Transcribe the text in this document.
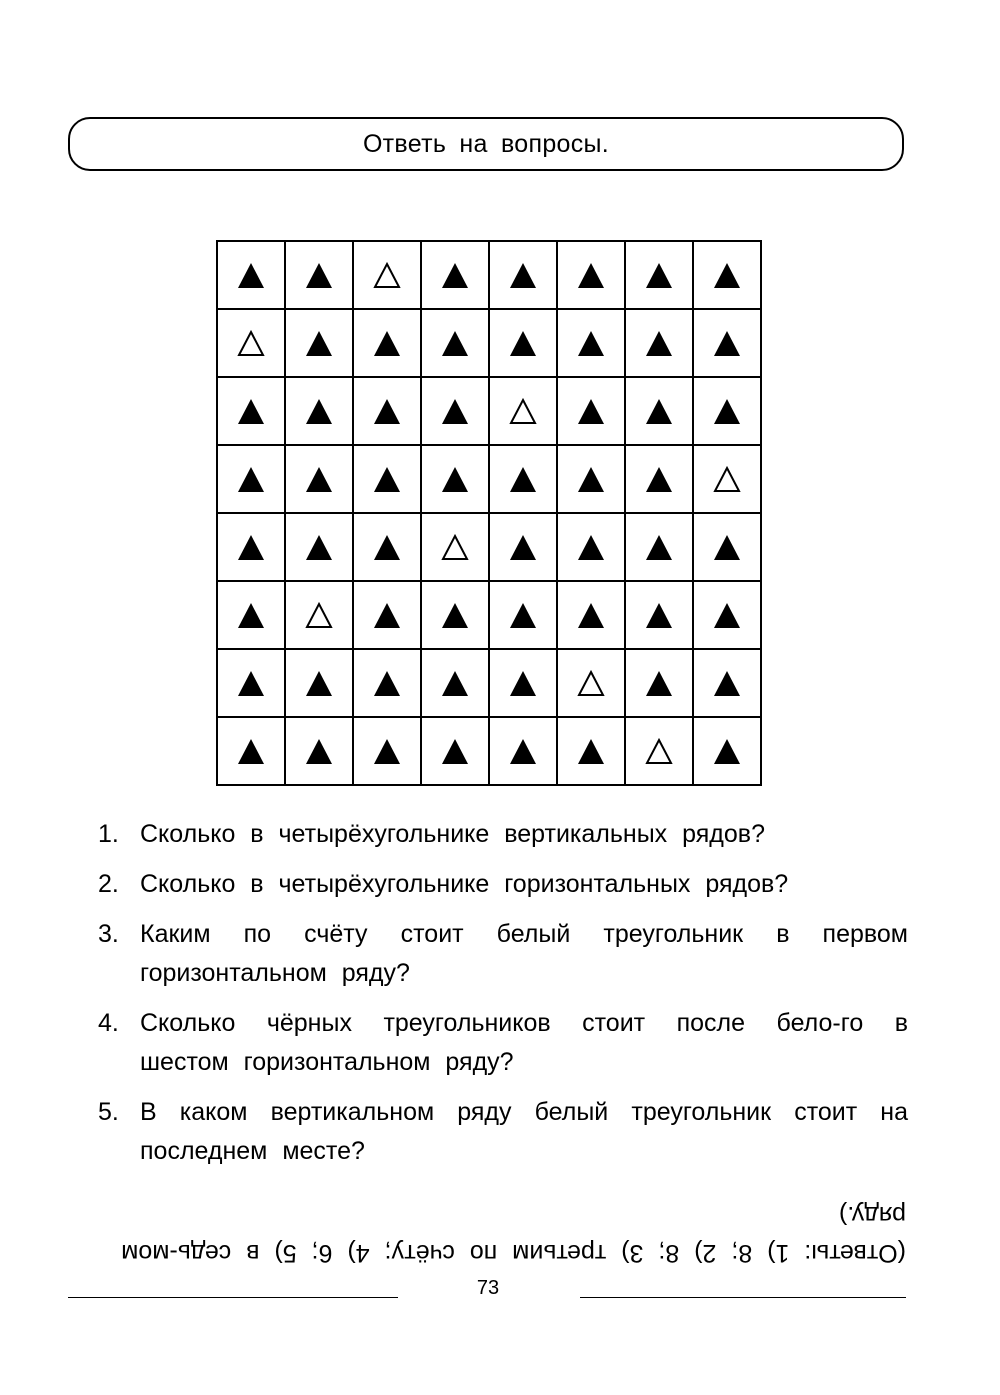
Ответь на вопросы.

1. Сколько в четырёхугольнике вертикальных рядов?
2. Сколько в четырёхугольнике горизонтальных рядов?
3. Каким по счёту стоит белый треугольник в первом горизонтальном ряду?
4. Сколько чёрных треугольников стоит после бело-го в шестом горизонтальном ряду?
5. В каком вертикальном ряду белый треугольник стоит на последнем месте?
(Ответы: 1) 8; 2) 8; 3) третьим по счёту; 4) 6; 5) в седь-мом ряду.)
73
